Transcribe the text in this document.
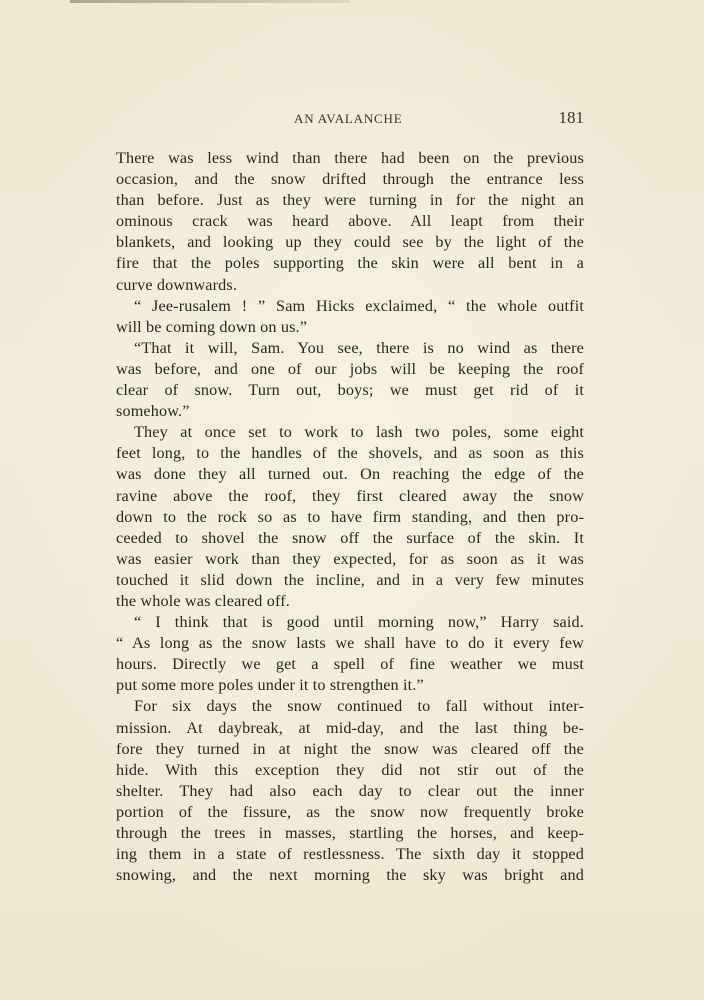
AN AVALANCHE	181
There was less wind than there had been on the previous
occasion, and the snow drifted through the entrance less
than before. Just as they were turning in for the night an
ominous crack was heard above. All leapt from their
blankets, and looking up they could see by the light of the
fire that the poles supporting the skin were all bent in a
curve downwards.
“ Jee-rusalem ! ” Sam Hicks exclaimed, “ the whole outfit
will be coming down on us.”
“That it will, Sam. You see, there is no wind as there
was before, and one of our jobs will be keeping the roof
clear of snow. Turn out, boys; we must get rid of it
somehow.”
They at once set to work to lash two poles, some eight
feet long, to the handles of the shovels, and as soon as this
was done they all turned out. On reaching the edge of the
ravine above the roof, they first cleared away the snow
down to the rock so as to have firm standing, and then pro-
ceeded to shovel the snow off the surface of the skin. It
was easier work than they expected, for as soon as it was
touched it slid down the incline, and in a very few minutes
the whole was cleared off.
“ I think that is good until morning now,” Harry said.
“ As long as the snow lasts we shall have to do it every few
hours. Directly we get a spell of fine weather we must
put some more poles under it to strengthen it.”
For six days the snow continued to fall without inter-
mission. At daybreak, at mid-day, and the last thing be-
fore they turned in at night the snow was cleared off the
hide. With this exception they did not stir out of the
shelter. They had also each day to clear out the inner
portion of the fissure, as the snow now frequently broke
through the trees in masses, startling the horses, and keep-
ing them in a state of restlessness. The sixth day it stopped
snowing, and the next morning the sky was bright and
